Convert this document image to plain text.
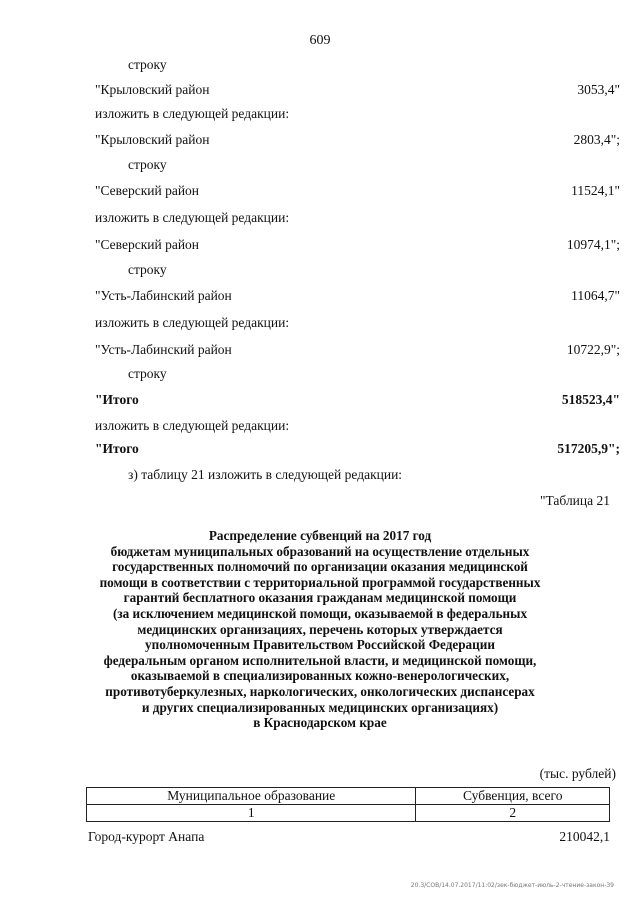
609
строку
"Крыловский район	3053,4"
изложить в следующей редакции:
"Крыловский район	2803,4";
строку
"Северский район	11524,1"
изложить в следующей редакции:
"Северский район	10974,1";
строку
"Усть-Лабинский район	11064,7"
изложить в следующей редакции:
"Усть-Лабинский район	10722,9";
строку
"Итого	518523,4"
изложить в следующей редакции:
"Итого	517205,9";
з) таблицу 21 изложить в следующей редакции:
"Таблица 21
Распределение субвенций на 2017 год
бюджетам муниципальных образований на осуществление отдельных
государственных полномочий по организации оказания медицинской
помощи в соответствии с территориальной программой государственных
гарантий бесплатного оказания гражданам медицинской помощи
(за исключением медицинской помощи, оказываемой в федеральных
медицинских организациях, перечень которых утверждается
уполномоченным Правительством Российской Федерации
федеральным органом исполнительной власти, и медицинской помощи,
оказываемой в специализированных кожно-венерологических,
противотуберкулезных, наркологических, онкологических диспансерах
и других специализированных медицинских организациях)
в Краснодарском крае
(тыс. рублей)
Муниципальное образование	Субвенция, всего
1	2
Город-курорт Анапа	210042,1
20.3/СОВ/14.07.2017/11:02/зек-бюджет-июль-2-чтение-закон-39
